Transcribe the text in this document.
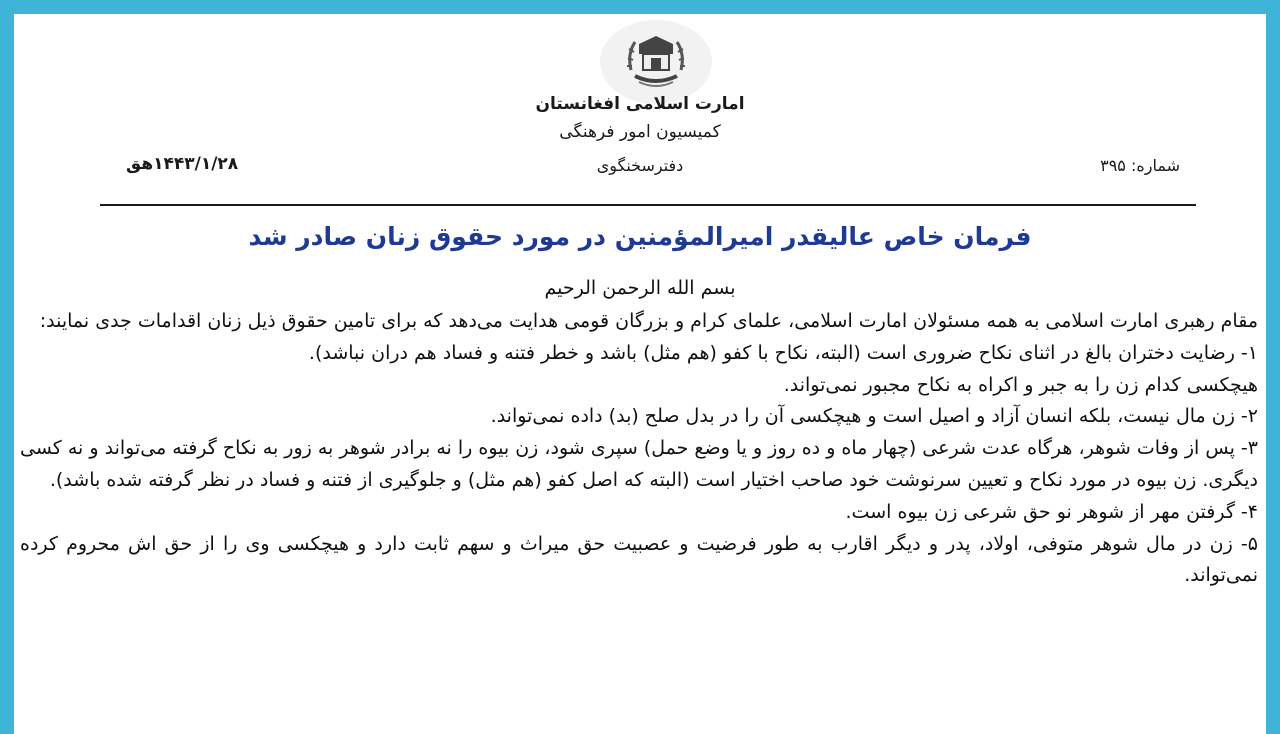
امارت اسلامی افغانستان
کمیسیون امور فرهنگی
دفترسخنگوی	شماره: ۳۹۵
۱۴۴۳/۱/۲۸هق
فرمان خاص عالیقدر امیرالمؤمنین در مورد حقوق زنان صادر شد
بسم الله الرحمن الرحیم

مقام رهبری امارت اسلامی به همه مسئولان امارت اسلامی، علمای کرام و بزرگان قومی هدایت می‌دهد که برای تامین حقوق ذیل زنان اقدامات جدی نمایند:

۱- رضایت دختران بالغ در اثنای نکاح ضروری است (البته، نکاح با کفو (هم مثل) باشد و خطر فتنه و فساد هم دران نباشد).

هیچکسی کدام زن را به جبر و اکراه به نکاح مجبور نمی‌تواند.

۲- زن مال نیست، بلکه انسان آزاد و اصیل است و هیچکسی آن را در بدل صلح (بد) داده نمی‌تواند.

۳- پس از وفات شوهر، هرگاه عدت شرعی (چهار ماه و ده روز و یا وضع حمل) سپری شود، زن بیوه را نه برادر شوهر به زور به نکاح گرفته می‌تواند و نه کسی دیگری. زن بیوه در مورد نکاح و تعیین سرنوشت خود صاحب اختیار است (البته که اصل کفو (هم مثل) و جلوگیری از فتنه و فساد در نظر گرفته شده باشد).

۴- گرفتن مهر از شوهر نو حق شرعی زن بیوه است.

۵- زن در مال شوهر متوفی، اولاد، پدر و دیگر اقارب به طور فرضیت و عصبیت حق میراث و سهم ثابت دارد و هیچکسی وی را از حق اش محروم کرده نمی‌تواند.
